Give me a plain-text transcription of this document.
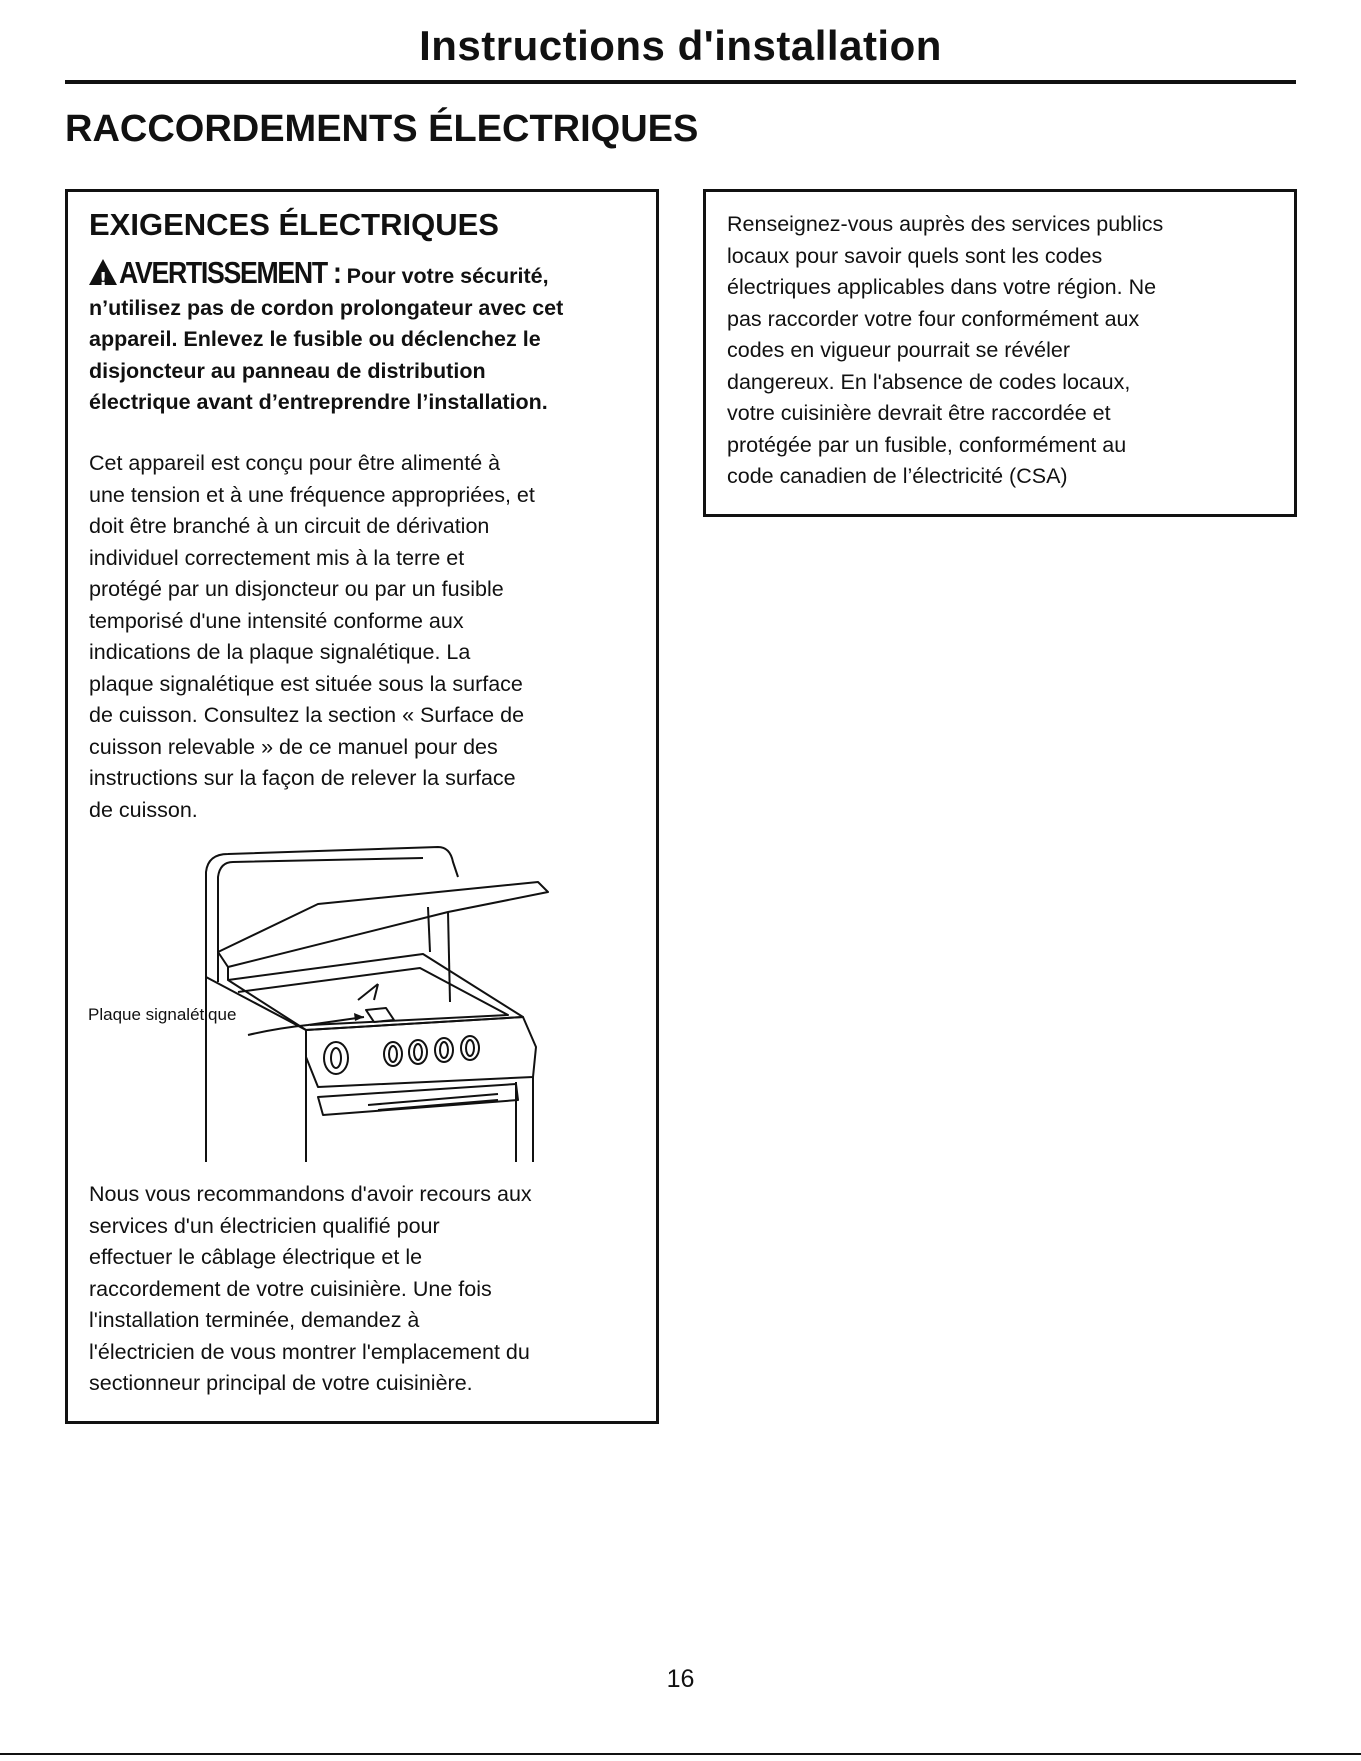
Instructions d'installation
RACCORDEMENTS ÉLECTRIQUES
EXIGENCES ÉLECTRIQUES
!AVERTISSEMENT : Pour votre sécurité,
n’utilisez pas de cordon prolongateur avec cet
appareil. Enlevez le fusible ou déclenchez le
disjoncteur au panneau de distribution
électrique avant d’entreprendre l’installation.
Cet appareil est conçu pour être alimenté à
une tension et à une fréquence appropriées, et
doit être branché à un circuit de dérivation
individuel correctement mis à la terre et
protégé par un disjoncteur ou par un fusible
temporisé d'une intensité conforme aux
indications de la plaque signalétique. La
plaque signalétique est située sous la surface
de cuisson. Consultez la section « Surface de
cuisson relevable » de ce manuel pour des
instructions sur la façon de relever la surface
de cuisson.
Plaque signalétique
Nous vous recommandons d'avoir recours aux
services d'un électricien qualifié pour
effectuer le câblage électrique et le
raccordement de votre cuisinière. Une fois
l'installation terminée, demandez à
l'électricien de vous montrer l'emplacement du
sectionneur principal de votre cuisinière.
Renseignez-vous auprès des services publics
locaux pour savoir quels sont les codes
électriques applicables dans votre région. Ne
pas raccorder votre four conformément aux
codes en vigueur pourrait se révéler
dangereux. En l'absence de codes locaux,
votre cuisinière devrait être raccordée et
protégée par un fusible, conformément au
code canadien de l’électricité (CSA)
16
